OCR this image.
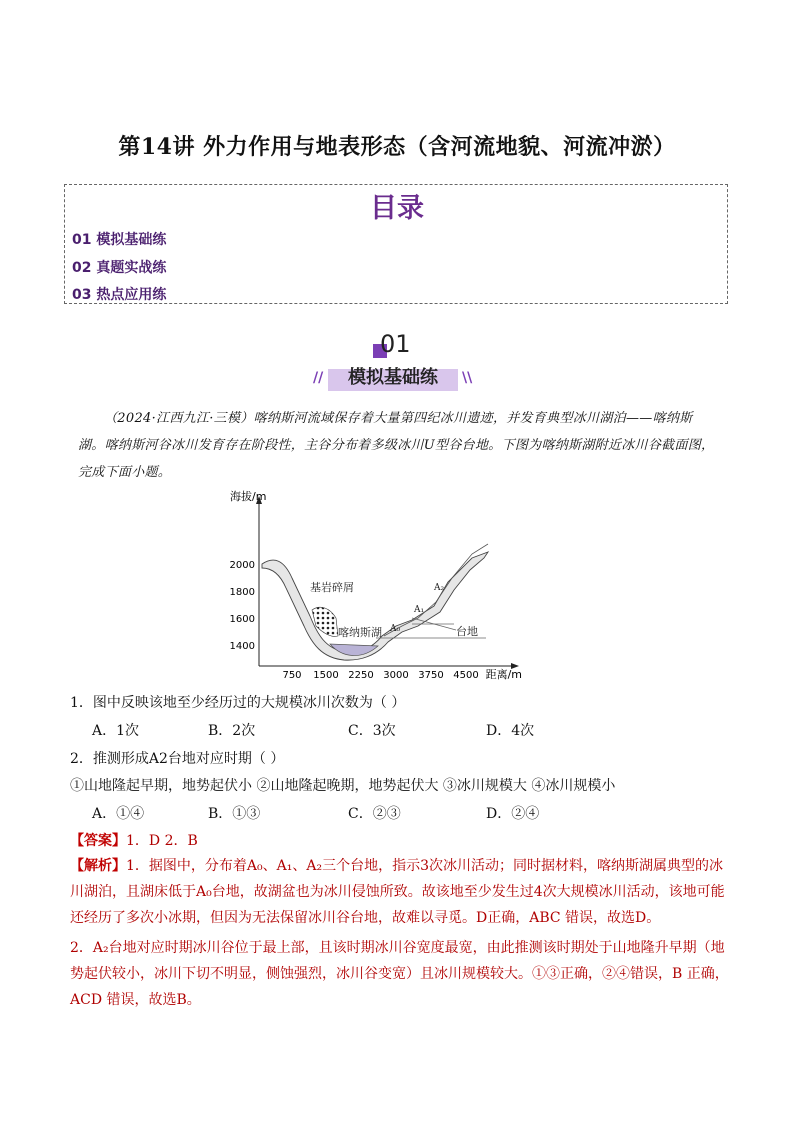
第14讲 外力作用与地表形态（含河流地貌、河流冲淤）
目录
01 模拟基础练
02 真题实战练
03 热点应用练
01
//	模拟基础练	\\
（2024·江西九江·三模）喀纳斯河流域保存着大量第四纪冰川遗迹，并发育典型冰川湖泊——喀纳斯湖。喀纳斯河谷冰川发育存在阶段性，主谷分布着多级冰川U型谷台地。下图为喀纳斯湖附近冰川谷截面图，完成下面小题。
海拔/m
距离/m
2000
1800
1600
1400
750 1500 2250 3000 3750 4500
基岩碎屑
喀纳斯湖 A₀
A₁
A₂
台地
1．图中反映该地至少经历过的大规模冰川次数为（ ）
A．1次	B．2次	C．3次	D．4次
2．推测形成A2台地对应时期（ ）
①山地隆起早期，地势起伏小 ②山地隆起晚期，地势起伏大 ③冰川规模大 ④冰川规模小
A．①④	B．①③	C．②③	D．②④
【答案】1．D 2．B
【解析】1．据图中，分布着A₀、A₁、A₂三个台地，指示3次冰川活动；同时据材料，喀纳斯湖属典型的冰川湖泊，且湖床低于A₀台地，故湖盆也为冰川侵蚀所致。故该地至少发生过4次大规模冰川活动，该地可能还经历了多次小冰期，但因为无法保留冰川谷台地，故难以寻觅。D正确，ABC 错误，故选D。
2．A₂台地对应时期冰川谷位于最上部，且该时期冰川谷宽度最宽，由此推测该时期处于山地隆升早期（地势起伏较小，冰川下切不明显，侧蚀强烈，冰川谷变宽）且冰川规模较大。①③正确，②④错误，B 正确，ACD 错误，故选B。
